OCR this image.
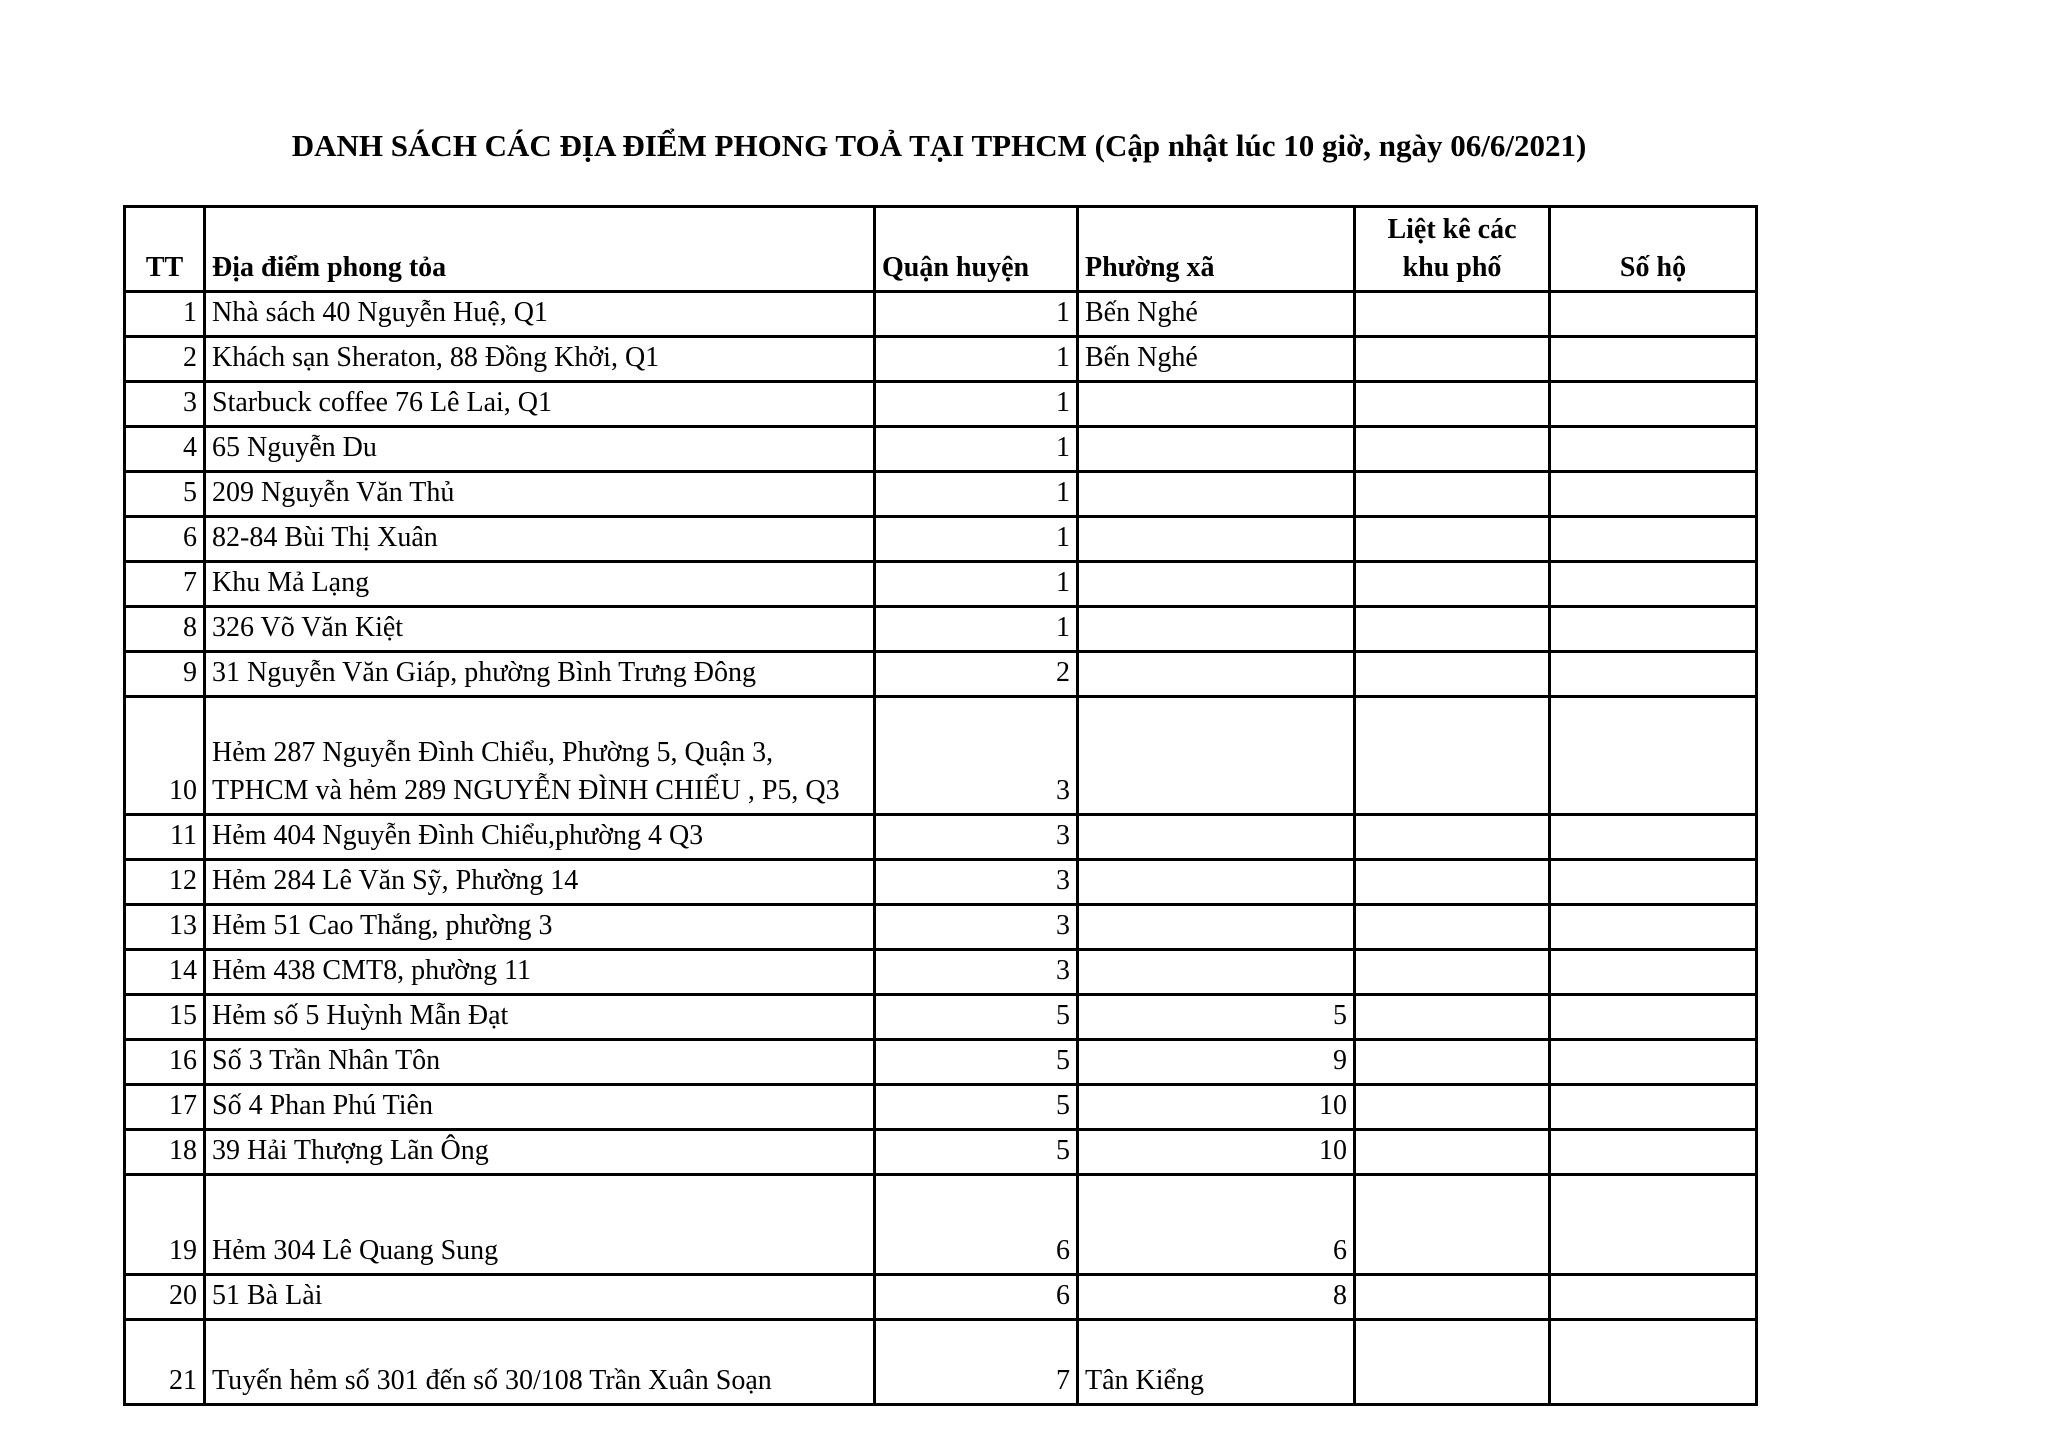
DANH SÁCH CÁC ĐỊA ĐIỂM PHONG TOẢ TẠI TPHCM (Cập nhật lúc 10 giờ, ngày 06/6/2021)
TT	Địa điểm phong tỏa	Quận huyện	Phường xã	Liệt kê các khu phố	Số hộ
1	Nhà sách 40 Nguyễn Huệ, Q1	1	Bến Nghé		
2	Khách sạn Sheraton, 88 Đồng Khởi, Q1	1	Bến Nghé		
3	Starbuck coffee 76 Lê Lai, Q1	1			
4	65 Nguyễn Du	1			
5	209 Nguyễn Văn Thủ	1			
6	82-84 Bùi Thị Xuân	1			
7	Khu Mả Lạng	1			
8	326 Võ Văn Kiệt	1			
9	31 Nguyễn Văn Giáp, phường Bình Trưng Đông	2			
10	Hẻm 287 Nguyễn Đình Chiểu, Phường 5, Quận 3, TPHCM và hẻm 289 NGUYỄN ĐÌNH CHIỂU , P5, Q3	3			
11	Hẻm 404 Nguyễn Đình Chiểu,phường 4 Q3	3			
12	Hẻm 284 Lê Văn Sỹ, Phường 14	3			
13	Hẻm 51 Cao Thắng, phường 3	3			
14	Hẻm 438 CMT8, phường 11	3			
15	Hẻm số 5 Huỳnh Mẫn Đạt	5	5		
16	Số 3 Trần Nhân Tôn	5	9		
17	Số 4 Phan Phú Tiên	5	10		
18	39 Hải Thượng Lãn Ông	5	10		
19	Hẻm 304 Lê Quang Sung	6	6		
20	51 Bà Lài	6	8		
21	Tuyến hẻm số 301 đến số 30/108 Trần Xuân Soạn	7	Tân Kiểng		
